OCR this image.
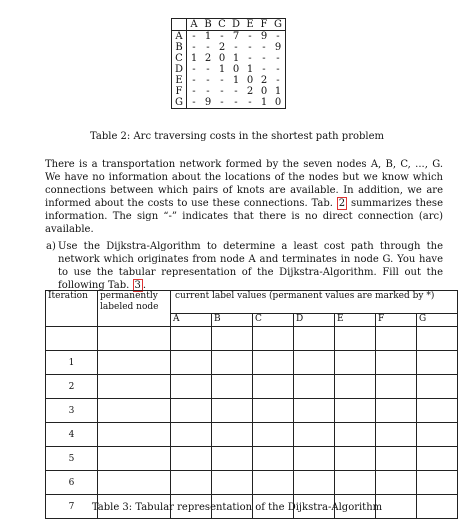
	A	B	C	D	E	F	G
A	-	1	-	7	-	9	-
B	-	-	2	-	-	-	9
C	1	2	0	1	-	-	-
D	-	-	1	0	1	-	-
E	-	-	-	1	0	2	-
F	-	-	-	-	2	0	1
G	-	9	-	-	-	1	0
Table 2: Arc traversing costs in the shortest path problem

There is a transportation network formed by the seven nodes A, B, C, ..., G. We have no information about the locations of the nodes but we know which connections between which pairs of knots are available. In addition, we are informed about the costs to use these connections. Tab. 2 summarizes these information. The sign “-” indicates that there is no direct connection (arc) available.

a) Use the Dijkstra-Algorithm to determine a least cost path through the network which originates from node A and terminates in node G. You have to use the tabular representation of the Dijkstra-Algorithm. Fill out the following Tab. 3 .

Iteration	permanently labeled node	current label values (permanent values are marked by *)						
		A	B	C	D	E	F	G

1								
2								
3								
4								
5								
6								
7									Table 3: Tabular representation of the Dijkstra-Algorithm
